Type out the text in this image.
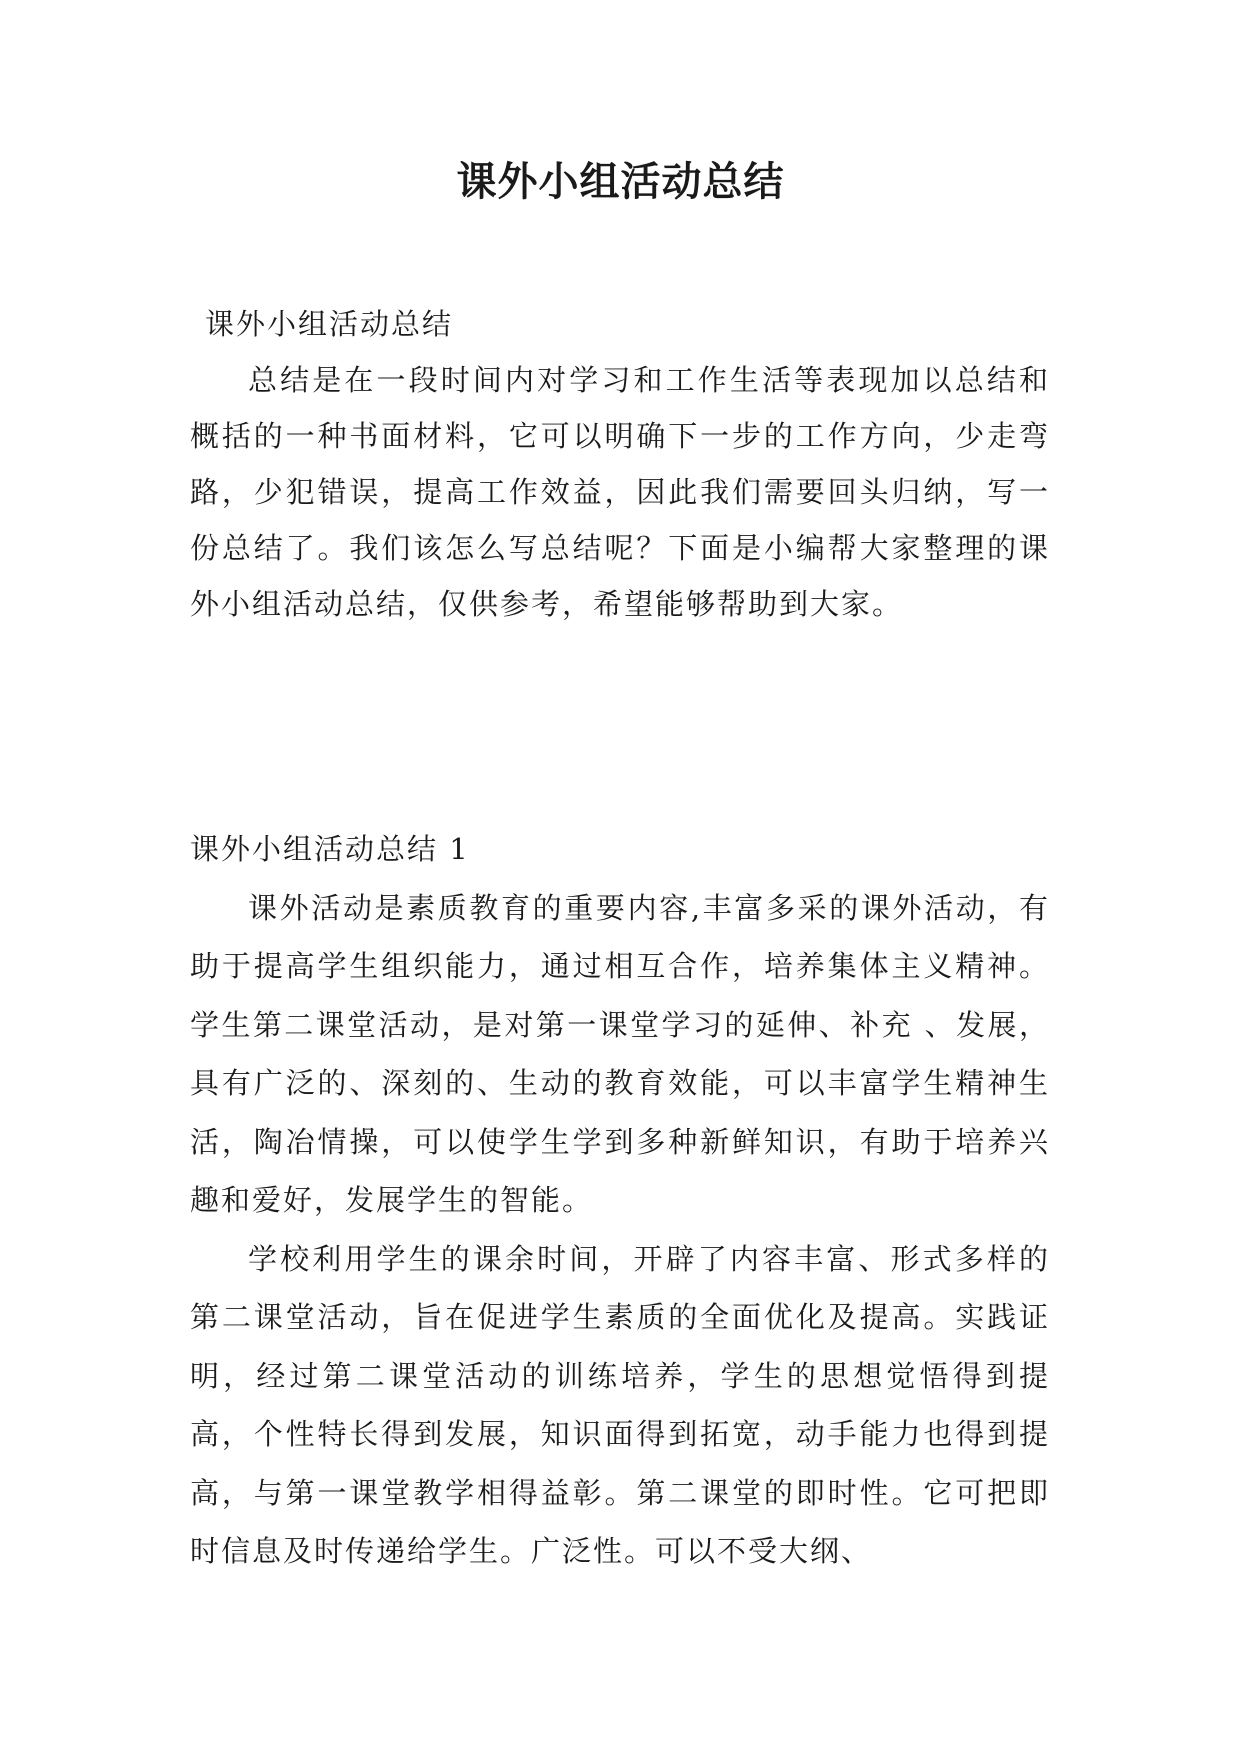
课外小组活动总结

课外小组活动总结

总结是在一段时间内对学习和工作生活等表现加以总结和概括的一种书面材料，它可以明确下一步的工作方向，少走弯路，少犯错误，提高工作效益，因此我们需要回头归纳，写一份总结了。我们该怎么写总结呢？下面是小编帮大家整理的课外小组活动总结，仅供参考，希望能够帮助到大家。

课外小组活动总结 1

课外活动是素质教育的重要内容,丰富多采的课外活动，有助于提高学生组织能力，通过相互合作，培养集体主义精神。学生第二课堂活动，是对第一课堂学习的延伸、补充 、发展，具有广泛的、深刻的、生动的教育效能，可以丰富学生精神生活，陶冶情操，可以使学生学到多种新鲜知识，有助于培养兴趣和爱好，发展学生的智能。

学校利用学生的课余时间，开辟了内容丰富、形式多样的第二课堂活动，旨在促进学生素质的全面优化及提高。实践证明，经过第二课堂活动的训练培养，学生的思想觉悟得到提高，个性特长得到发展，知识面得到拓宽，动手能力也得到提高，与第一课堂教学相得益彰。第二课堂的即时性。它可把即时信息及时传递给学生。广泛性。可以不受大纲、
